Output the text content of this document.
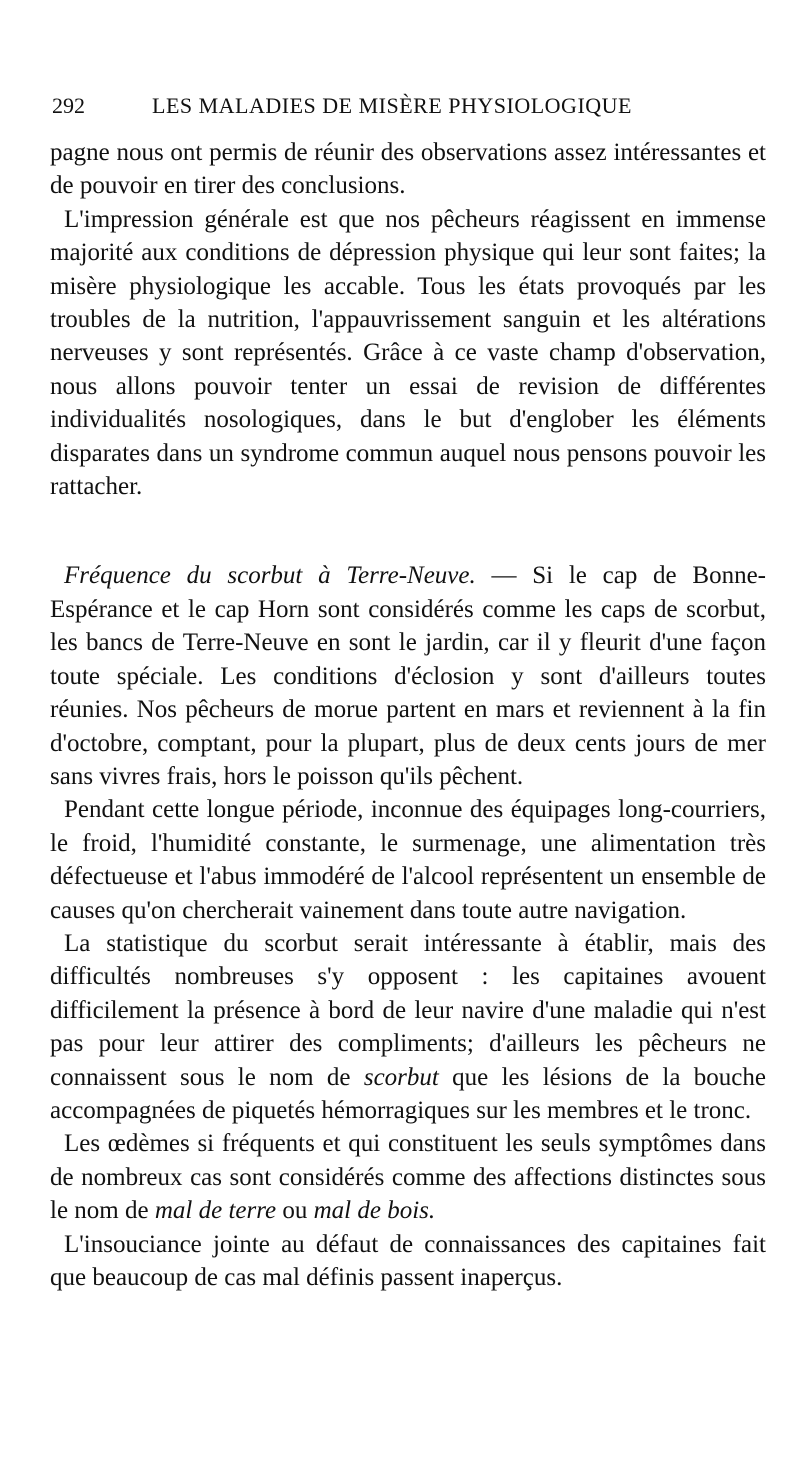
292	LES MALADIES DE MISÈRE PHYSIOLOGIQUE

pagne nous ont permis de réunir des observations assez intéressantes et de pouvoir en tirer des conclusions.

L'impression générale est que nos pêcheurs réagissent en immense majorité aux conditions de dépression physique qui leur sont faites; la misère physiologique les accable. Tous les états provoqués par les troubles de la nutrition, l'appauvrissement sanguin et les altérations nerveuses y sont représentés. Grâce à ce vaste champ d'observation, nous allons pouvoir tenter un essai de revision de différentes individualités nosologiques, dans le but d'englober les éléments disparates dans un syndrome commun auquel nous pensons pouvoir les rattacher.

Fréquence du scorbut à Terre-Neuve. — Si le cap de Bonne-Espérance et le cap Horn sont considérés comme les caps de scorbut, les bancs de Terre-Neuve en sont le jardin, car il y fleurit d'une façon toute spéciale. Les conditions d'éclosion y sont d'ailleurs toutes réunies. Nos pêcheurs de morue partent en mars et reviennent à la fin d'octobre, comptant, pour la plupart, plus de deux cents jours de mer sans vivres frais, hors le poisson qu'ils pêchent.

Pendant cette longue période, inconnue des équipages long-courriers, le froid, l'humidité constante, le surmenage, une alimentation très défectueuse et l'abus immodéré de l'alcool représentent un ensemble de causes qu'on chercherait vainement dans toute autre navigation.

La statistique du scorbut serait intéressante à établir, mais des difficultés nombreuses s'y opposent : les capitaines avouent difficilement la présence à bord de leur navire d'une maladie qui n'est pas pour leur attirer des compliments; d'ailleurs les pêcheurs ne connaissent sous le nom de scorbut que les lésions de la bouche accompagnées de piquetés hémorragiques sur les membres et le tronc.

Les œdèmes si fréquents et qui constituent les seuls symptômes dans de nombreux cas sont considérés comme des affections distinctes sous le nom de mal de terre ou mal de bois.

L'insouciance jointe au défaut de connaissances des capitaines fait que beaucoup de cas mal définis passent inaperçus.
